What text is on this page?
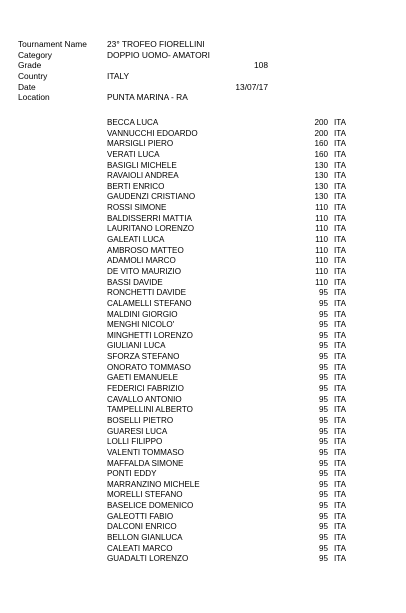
Tournament Name 23° TROFEO FIORELLINI
Category	DOPPIO UOMO- AMATORI
Grade	108
Country	ITALY
Date	13/07/17
Location	PUNTA MARINA - RA
BECCA LUCA	200 ITA
VANNUCCHI EDOARDO	200 ITA
MARSIGLI PIERO	160 ITA
VERATI LUCA	160 ITA
BASIGLI MICHELE	130 ITA
RAVAIOLI ANDREA	130 ITA
BERTI ENRICO	130 ITA
GAUDENZI CRISTIANO	130 ITA
ROSSI SIMONE	110 ITA
BALDISSERRI MATTIA	110 ITA
LAURITANO LORENZO	110 ITA
GALEATI LUCA	110 ITA
AMBROSO MATTEO	110 ITA
ADAMOLI MARCO	110 ITA
DE VITO MAURIZIO	110 ITA
BASSI DAVIDE	110 ITA
RONCHETTI DAVIDE	95 ITA
CALAMELLI STEFANO	95 ITA
MALDINI GIORGIO	95 ITA
MENGHI NICOLO'	95 ITA
MINGHETTI LORENZO	95 ITA
GIULIANI LUCA	95 ITA
SFORZA STEFANO	95 ITA
ONORATO TOMMASO	95 ITA
GAETI EMANUELE	95 ITA
FEDERICI FABRIZIO	95 ITA
CAVALLO ANTONIO	95 ITA
TAMPELLINI ALBERTO	95 ITA
BOSELLI PIETRO	95 ITA
GUARESI LUCA	95 ITA
LOLLI FILIPPO	95 ITA
VALENTI TOMMASO	95 ITA
MAFFALDA SIMONE	95 ITA
PONTI EDDY	95 ITA
MARRANZINO MICHELE	95 ITA
MORELLI STEFANO	95 ITA
BASELICE DOMENICO	95 ITA
GALEOTTI FABIO	95 ITA
DALCONI ENRICO	95 ITA
BELLON GIANLUCA	95 ITA
CALEATI MARCO	95 ITA
GUADALTI LORENZO	95 ITA
